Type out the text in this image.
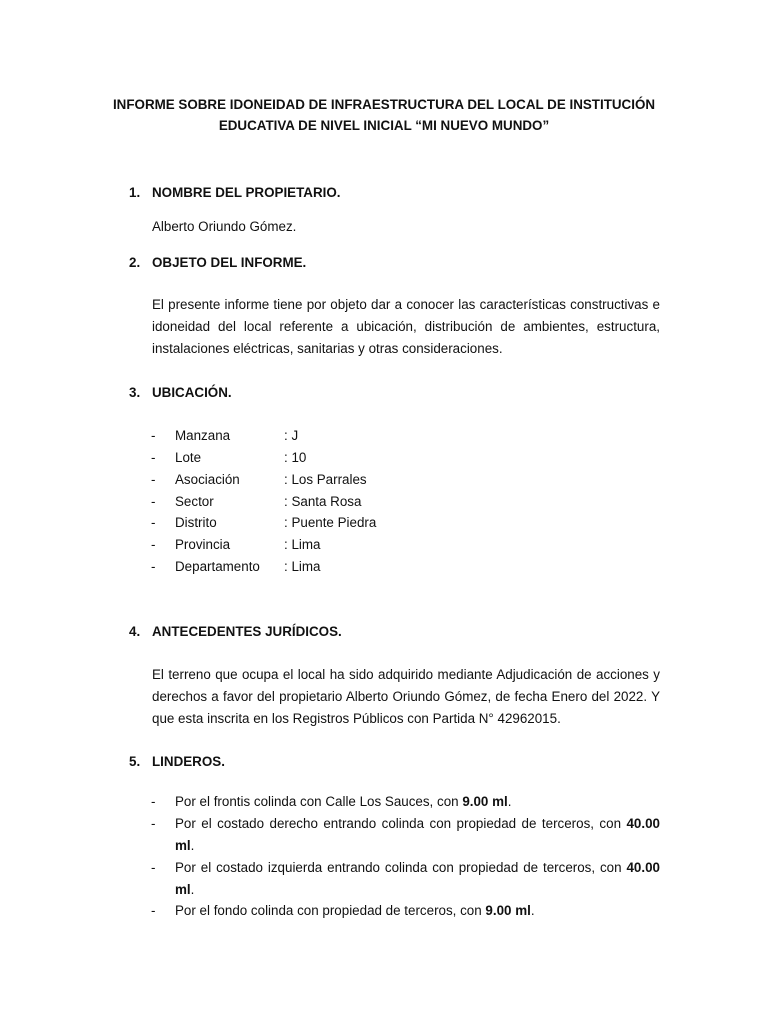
INFORME SOBRE IDONEIDAD DE INFRAESTRUCTURA DEL LOCAL DE INSTITUCIÓN
EDUCATIVA DE NIVEL INICIAL “MI NUEVO MUNDO”
1. NOMBRE DEL PROPIETARIO.
Alberto Oriundo Gómez.
2. OBJETO DEL INFORME.
El presente informe tiene por objeto dar a conocer las características constructivas e idoneidad del local referente a ubicación, distribución de ambientes, estructura, instalaciones eléctricas, sanitarias y otras consideraciones.
3. UBICACIÓN.
- Manzana	: J
- Lote	: 10
- Asociación	: Los Parrales
- Sector	: Santa Rosa
- Distrito	: Puente Piedra
- Provincia	: Lima
- Departamento : Lima
4. ANTECEDENTES JURÍDICOS.
El terreno que ocupa el local ha sido adquirido mediante Adjudicación de acciones y derechos a favor del propietario Alberto Oriundo Gómez, de fecha Enero del 2022. Y que esta inscrita en los Registros Públicos con Partida N° 42962015.
5. LINDEROS.
- Por el frontis colinda con Calle Los Sauces, con 9.00 ml.
- Por el costado derecho entrando colinda con propiedad de terceros, con 40.00 ml.
- Por el costado izquierda entrando colinda con propiedad de terceros, con 40.00 ml.
- Por el fondo colinda con propiedad de terceros, con 9.00 ml.
